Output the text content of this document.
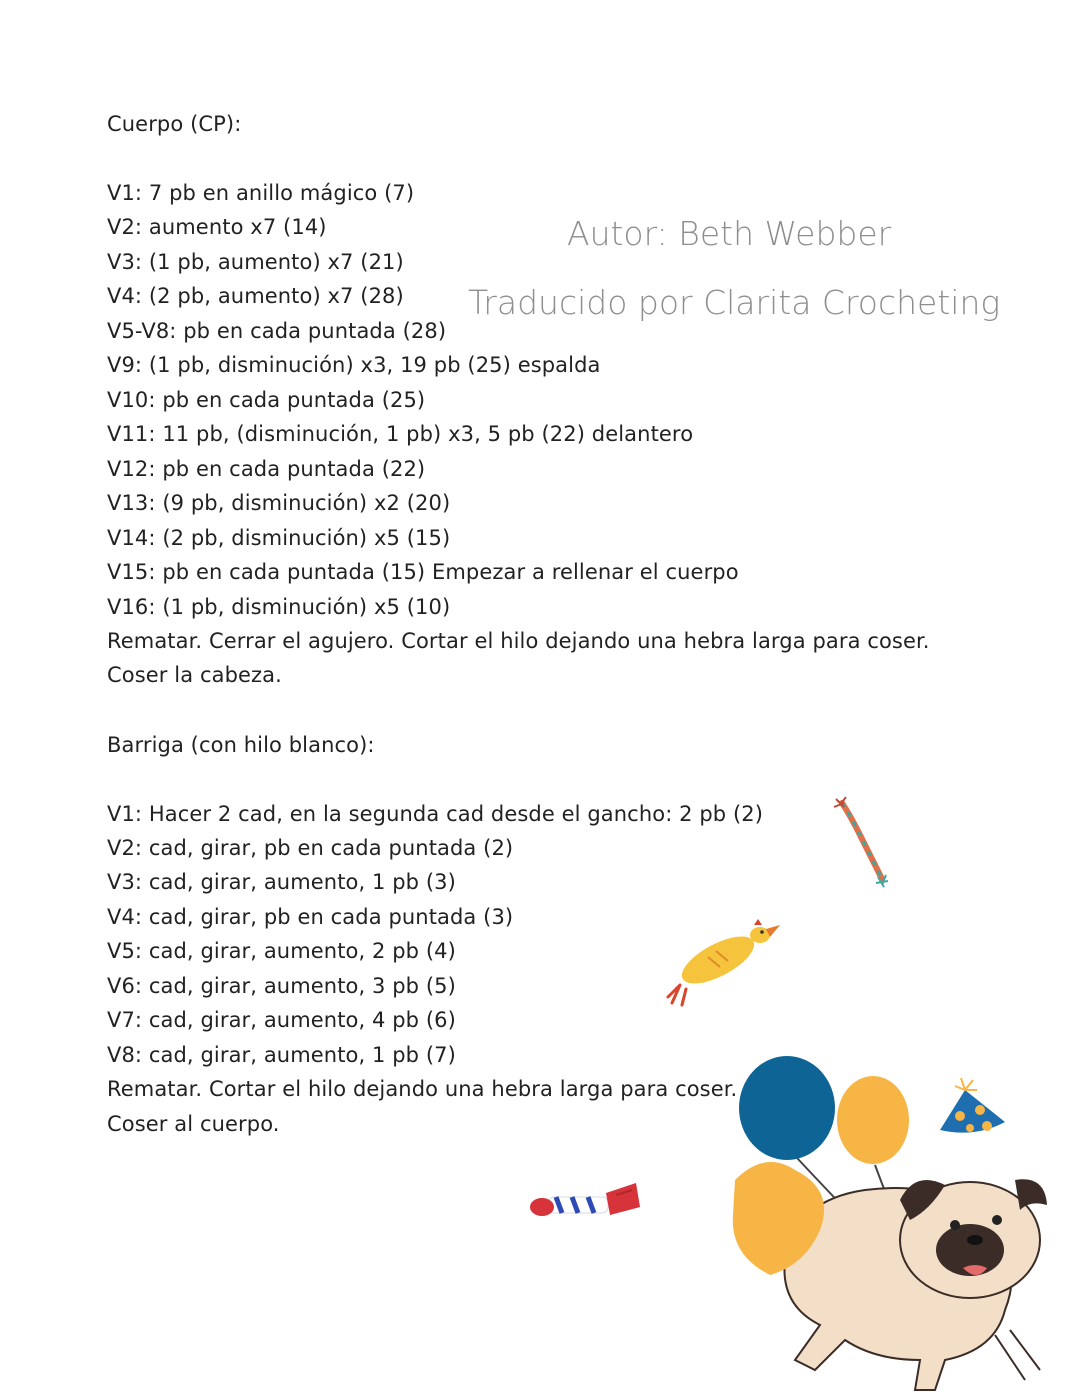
Autor: Beth Webber
Traducido por Clarita Crocheting
Cuerpo (CP):
V1: 7 pb en anillo mágico (7)
V2: aumento x7 (14)
V3: (1 pb, aumento) x7 (21)
V4: (2 pb, aumento) x7 (28)
V5-V8: pb en cada puntada (28)
V9: (1 pb, disminución) x3, 19 pb (25) espalda
V10: pb en cada puntada (25)
V11: 11 pb, (disminución, 1 pb) x3, 5 pb (22) delantero
V12: pb en cada puntada (22)
V13: (9 pb, disminución) x2 (20)
V14: (2 pb, disminución) x5 (15)
V15: pb en cada puntada (15) Empezar a rellenar el cuerpo
V16: (1 pb, disminución) x5 (10)
Rematar. Cerrar el agujero. Cortar el hilo dejando una hebra larga para coser.
Coser la cabeza.
Barriga (con hilo blanco):
V1: Hacer 2 cad, en la segunda cad desde el gancho: 2 pb (2)
V2: cad, girar, pb en cada puntada (2)
V3: cad, girar, aumento, 1 pb (3)
V4: cad, girar, pb en cada puntada (3)
V5: cad, girar, aumento, 2 pb (4)
V6: cad, girar, aumento, 3 pb (5)
V7: cad, girar, aumento, 4 pb (6)
V8: cad, girar, aumento, 1 pb (7)
Rematar. Cortar el hilo dejando una hebra larga para coser.
Coser al cuerpo.
